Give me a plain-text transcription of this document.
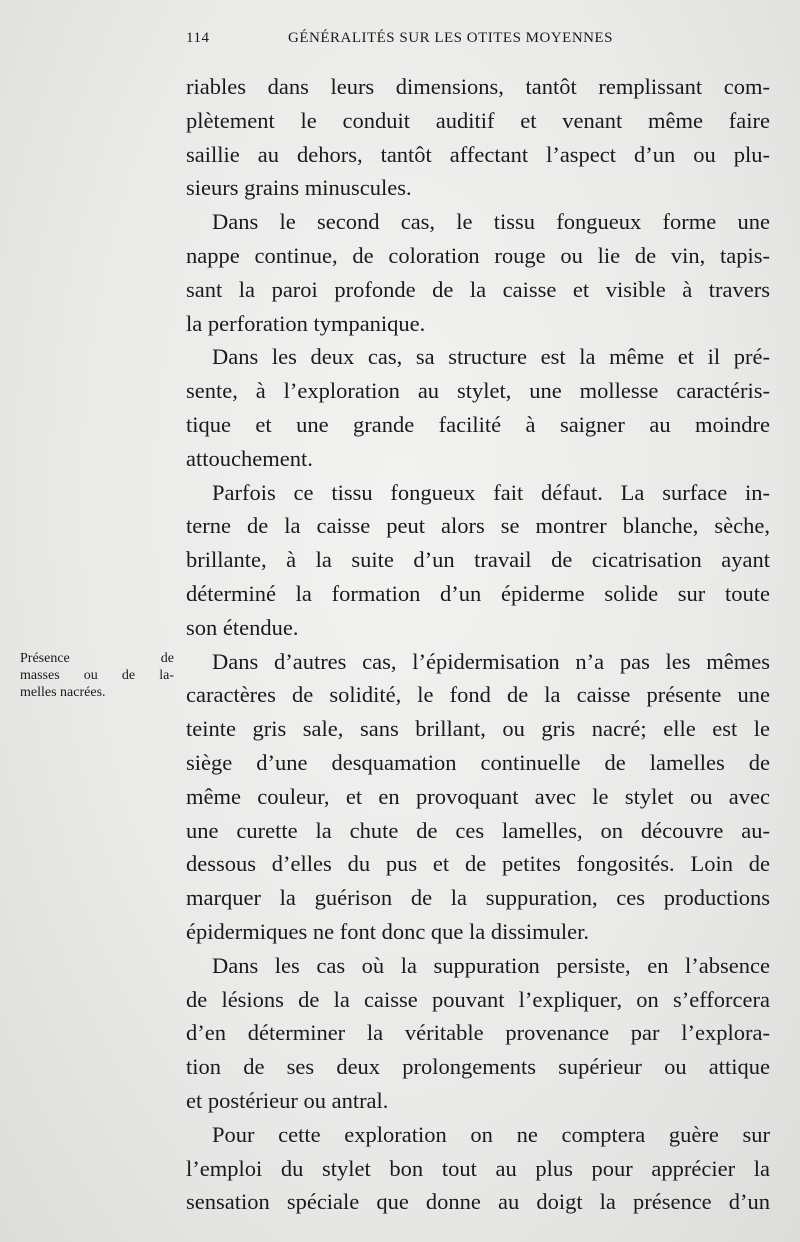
114	GÉNÉRALITÉS SUR LES OTITES MOYENNES
Présence de
masses ou de la-
melles nacrées.
riables dans leurs dimensions, tantôt remplissant com-
plètement le conduit auditif et venant même faire
saillie au dehors, tantôt affectant l’aspect d’un ou plu-
sieurs grains minuscules.
Dans le second cas, le tissu fongueux forme une
nappe continue, de coloration rouge ou lie de vin, tapis-
sant la paroi profonde de la caisse et visible à travers
la perforation tympanique.
Dans les deux cas, sa structure est la même et il pré-
sente, à l’exploration au stylet, une mollesse caractéris-
tique et une grande facilité à saigner au moindre
attouchement.
Parfois ce tissu fongueux fait défaut. La surface in-
terne de la caisse peut alors se montrer blanche, sèche,
brillante, à la suite d’un travail de cicatrisation ayant
déterminé la formation d’un épiderme solide sur toute
son étendue.
Dans d’autres cas, l’épidermisation n’a pas les mêmes
caractères de solidité, le fond de la caisse présente une
teinte gris sale, sans brillant, ou gris nacré; elle est le
siège d’une desquamation continuelle de lamelles de
même couleur, et en provoquant avec le stylet ou avec
une curette la chute de ces lamelles, on découvre au-
dessous d’elles du pus et de petites fongosités. Loin de
marquer la guérison de la suppuration, ces productions
épidermiques ne font donc que la dissimuler.
Dans les cas où la suppuration persiste, en l’absence
de lésions de la caisse pouvant l’expliquer, on s’efforcera
d’en déterminer la véritable provenance par l’explora-
tion de ses deux prolongements supérieur ou attique
et postérieur ou antral.
Pour cette exploration on ne comptera guère sur
l’emploi du stylet bon tout au plus pour apprécier la
sensation spéciale que donne au doigt la présence d’un
